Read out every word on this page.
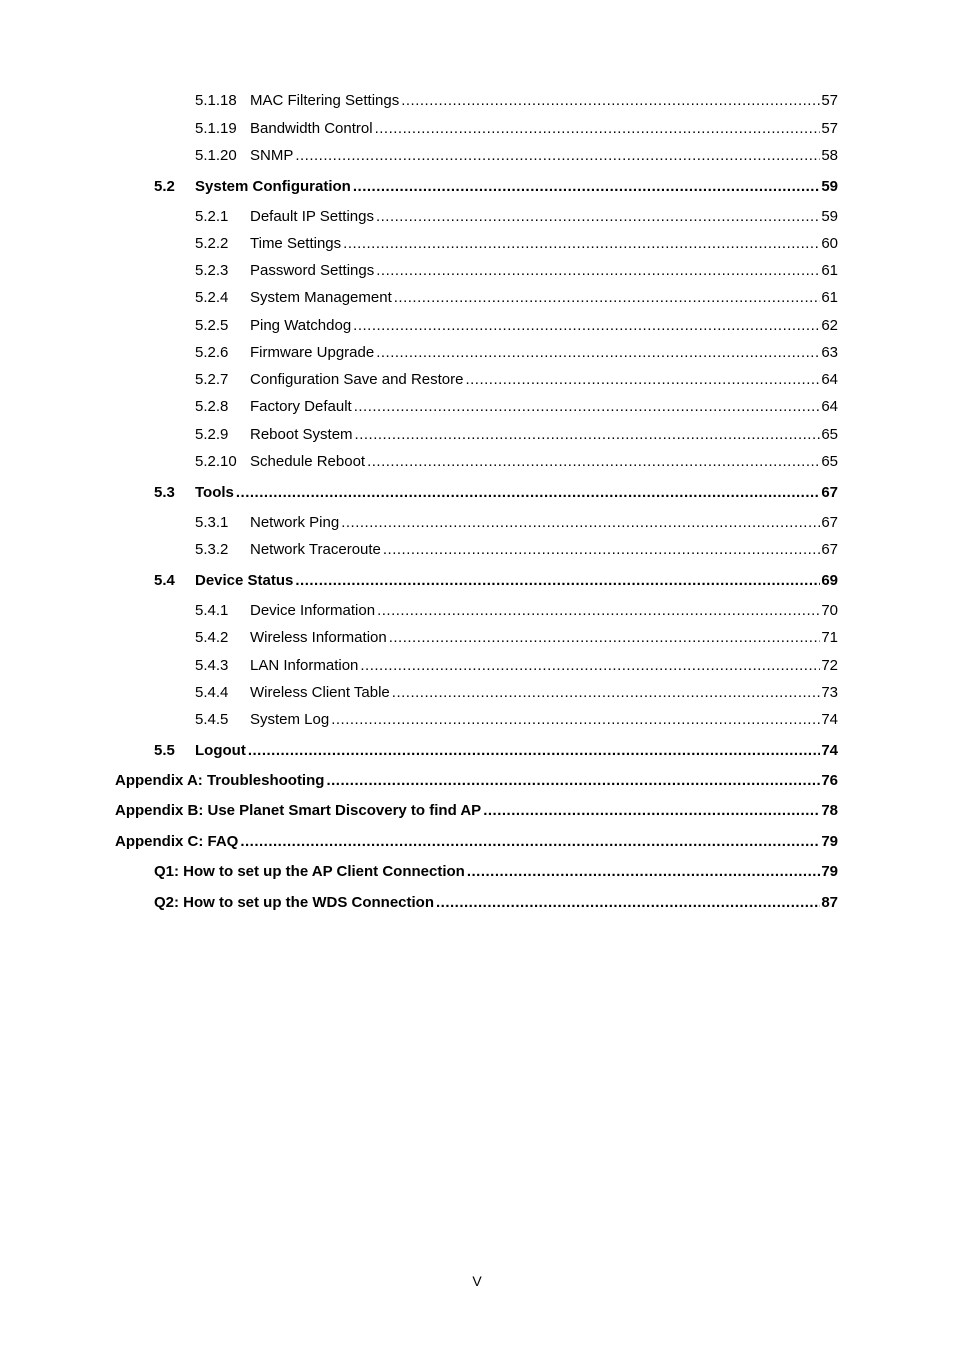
5.1.18 MAC Filtering Settings .....	57
5.1.19 Bandwidth Control .....	57
5.1.20 SNMP .....	58
5.2	System Configuration .....	59
5.2.1	Default IP Settings .....	59
5.2.2	Time Settings .....	60
5.2.3	Password Settings .....	61
5.2.4	System Management .....	61
5.2.5	Ping Watchdog .....	62
5.2.6	Firmware Upgrade .....	63
5.2.7	Configuration Save and Restore .....	64
5.2.8	Factory Default .....	64
5.2.9	Reboot System .....	65
5.2.10 Schedule Reboot .....	65
5.3	Tools .....	67
5.3.1	Network Ping .....	67
5.3.2	Network Traceroute .....	67
5.4	Device Status .....	69
5.4.1	Device Information .....	70
5.4.2	Wireless Information .....	71
5.4.3	LAN Information .....	72
5.4.4	Wireless Client Table .....	73
5.4.5	System Log .....	74
5.5	Logout .....	74
Appendix A: Troubleshooting .....	76
Appendix B: Use Planet Smart Discovery to find AP .....	78
Appendix C: FAQ .....	79
Q1: How to set up the AP Client Connection .....	79
Q2: How to set up the WDS Connection .....	87
V
